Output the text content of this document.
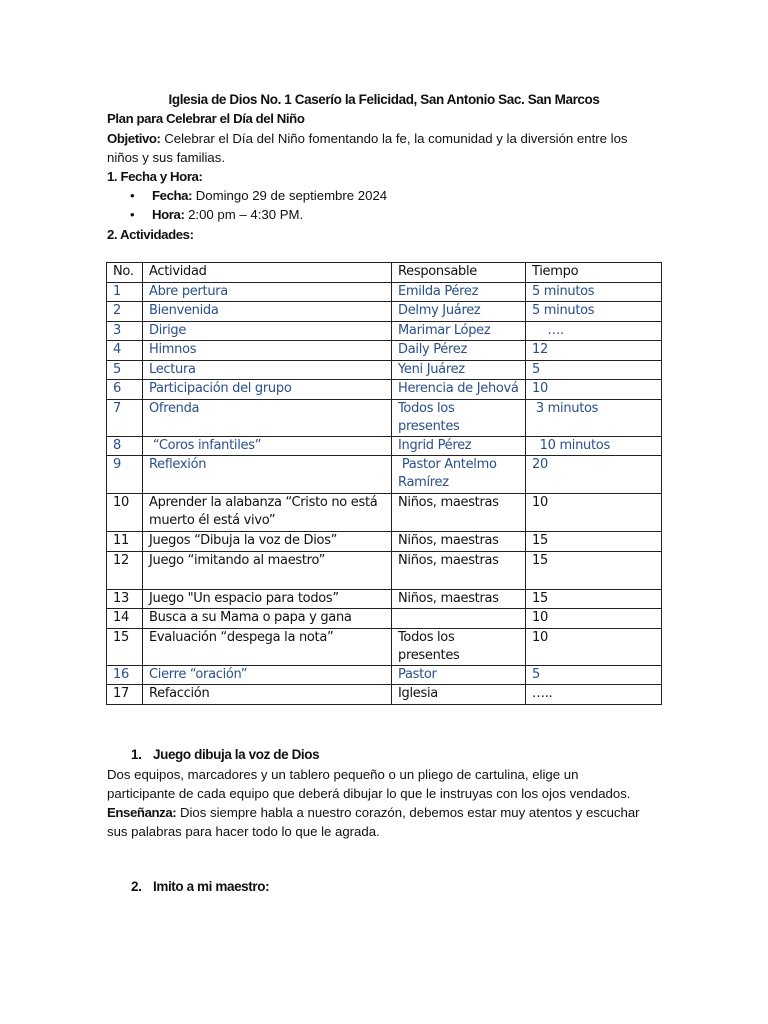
Iglesia de Dios No. 1 Caserío la Felicidad, San Antonio Sac. San Marcos
Plan para Celebrar el Día del Niño
Objetivo: Celebrar el Día del Niño fomentando la fe, la comunidad y la diversión entre los
niños y sus familias.
1. Fecha y Hora:
• Fecha: Domingo 29 de septiembre 2024
• Hora: 2:00 pm – 4:30 PM.
2. Actividades:
No.	Actividad	Responsable	Tiempo
1	Abre pertura	Emilda Pérez	5 minutos
2	Bienvenida	Delmy Juárez	5 minutos
3	Dirige	Marimar López	….
4	Himnos	Daily Pérez	12
5	Lectura	Yeni Juárez	5
6	Participación del grupo	Herencia de Jehová	10
7	Ofrenda	Todos los presentes	3 minutos
8	“Coros infantiles”	Ingrid Pérez	10 minutos
9	Reflexión	Pastor Antelmo Ramírez	20
10	Aprender la alabanza “Cristo no está muerto él está vivo”	Niños, maestras	10
11	Juegos “Dibuja la voz de Dios”	Niños, maestras	15
12	Juego “imitando al maestro”	Niños, maestras	15
13	Juego "Un espacio para todos”	Niños, maestras	15
14	Busca a su Mama o papa y gana		10
15	Evaluación “despega la nota”	Todos los presentes	10
16	Cierre “oración”	Pastor	5
17	Refacción	Iglesia	…..
1. Juego dibuja la voz de Dios
Dos equipos, marcadores y un tablero pequeño o un pliego de cartulina, elige un
participante de cada equipo que deberá dibujar lo que le instruyas con los ojos vendados.
Enseñanza: Dios siempre habla a nuestro corazón, debemos estar muy atentos y escuchar
sus palabras para hacer todo lo que le agrada.
2. Imito a mi maestro:
